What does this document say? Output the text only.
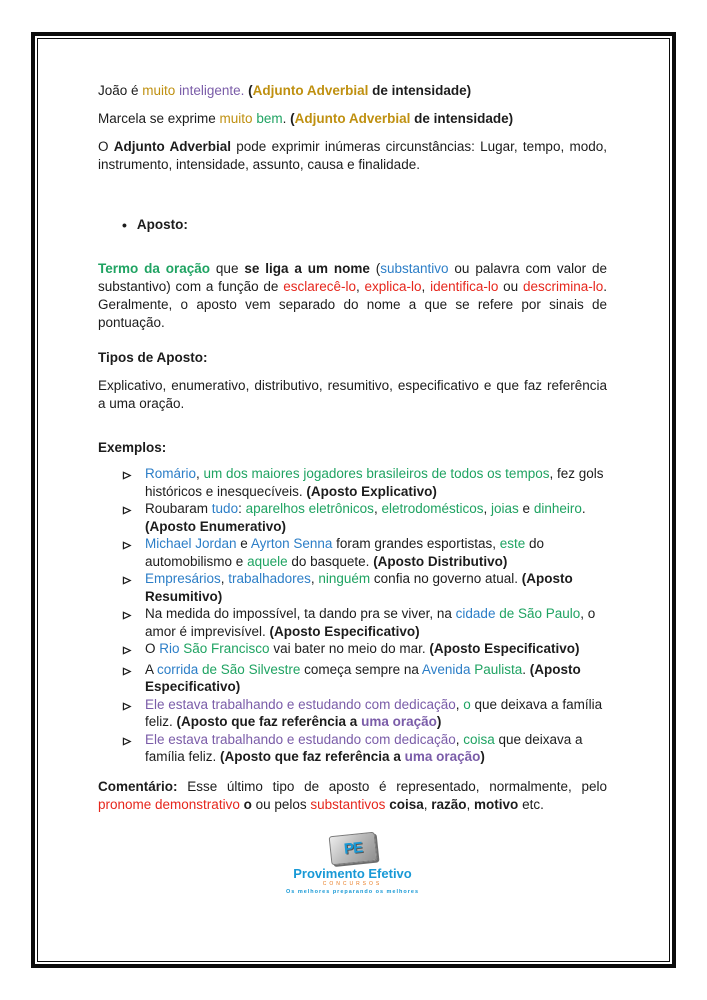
João é muito inteligente. (Adjunto Adverbial de intensidade)

Marcela se exprime muito bem. (Adjunto Adverbial de intensidade)

O Adjunto Adverbial pode exprimir inúmeras circunstâncias: Lugar, tempo, modo, instrumento, intensidade, assunto, causa e finalidade.

• Aposto:

Termo da oração que se liga a um nome (substantivo ou palavra com valor de substantivo) com a função de esclarecê-lo, explica-lo, identifica-lo ou descrimina-lo. Geralmente, o aposto vem separado do nome a que se refere por sinais de pontuação.

Tipos de Aposto:

Explicativo, enumerativo, distributivo, resumitivo, especificativo e que faz referência a uma oração.

Exemplos:

Romário, um dos maiores jogadores brasileiros de todos os tempos, fez gols históricos e inesquecíveis. (Aposto Explicativo)
Roubaram tudo: aparelhos eletrônicos, eletrodomésticos, joias e dinheiro. (Aposto Enumerativo)
Michael Jordan e Ayrton Senna foram grandes esportistas, este do automobilismo e aquele do basquete. (Aposto Distributivo)
Empresários, trabalhadores, ninguém confia no governo atual. (Aposto Resumitivo)
Na medida do impossível, ta dando pra se viver, na cidade de São Paulo, o amor é imprevisível. (Aposto Especificativo)
O Rio São Francisco vai bater no meio do mar. (Aposto Especificativo)
A corrida de São Silvestre começa sempre na Avenida Paulista. (Aposto Especificativo)
Ele estava trabalhando e estudando com dedicação, o que deixava a família feliz. (Aposto que faz referência a uma oração)
Ele estava trabalhando e estudando com dedicação, coisa que deixava a família feliz. (Aposto que faz referência a uma oração)

Comentário: Esse último tipo de aposto é representado, normalmente, pelo pronome demonstrativo o ou pelos substantivos coisa, razão, motivo etc.

PE
Provimento Efetivo
CONCURSOS
Os melhores preparando os melhores
